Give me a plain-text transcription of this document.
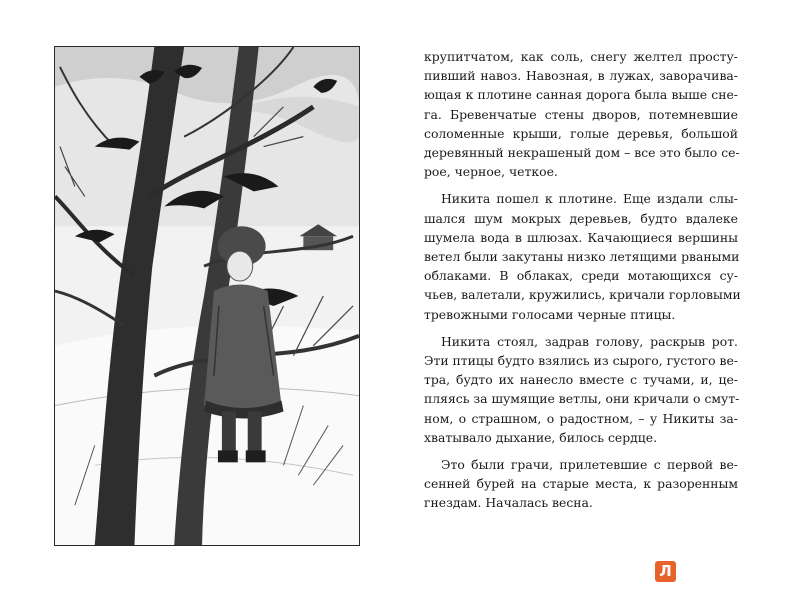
крупитчатом, как соль, снегу желтел просту-
пивший навоз. Навозная, в лужах, заворачива-
ющая к плотине санная дорога была выше сне-
га. Бревенчатые стены дворов, потемневшие
соломенные крыши, голые деревья, большой
деревянный некрашеный дом – все это было се-
рое, черное, четкое.

Никита пошел к плотине. Еще издали слы-
шался шум мокрых деревьев, будто вдалеке
шумела вода в шлюзах. Качающиеся вершины
ветел были закутаны низко летящими рваными
облаками. В облаках, среди мотающихся су-
чьев, валетали, кружились, кричали горловыми
тревожными голосами черные птицы.

Никита стоял, задрав голову, раскрыв рот.
Эти птицы будто взялись из сырого, густого ве-
тра, будто их нанесло вместе с тучами, и, це-
пляясь за шумящие ветлы, они кричали о смут-
ном, о страшном, о радостном, – у Никиты за-
хватывало дыхание, билось сердце.

Это были грачи, прилетевшие с первой ве-
сенней бурей на старые места, к разоренным
гнездам. Началась весна.

Л
